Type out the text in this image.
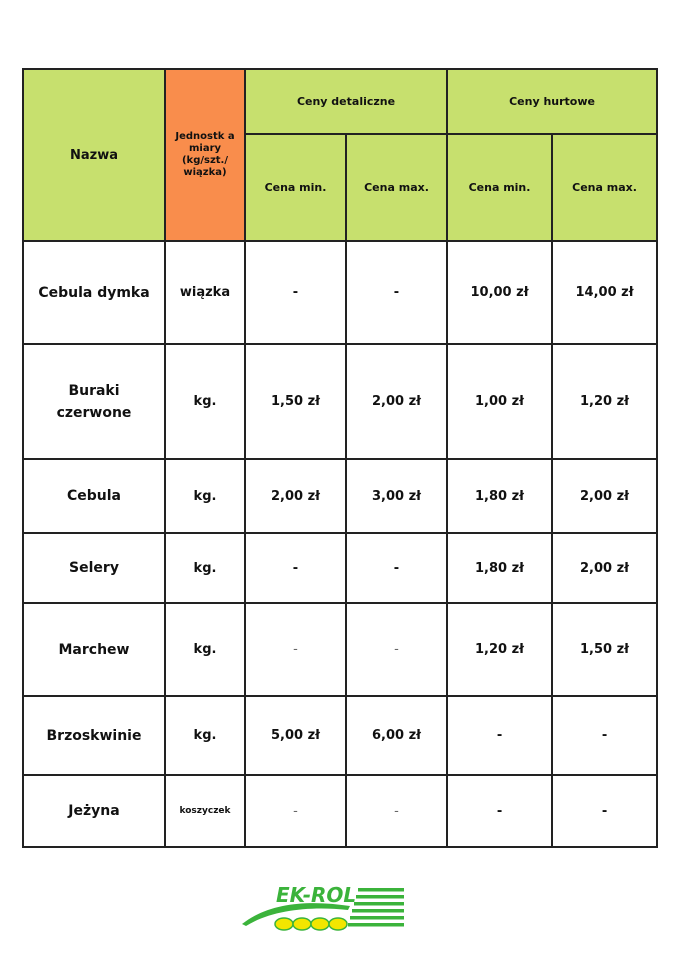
Nazwa	Jednostk a miary (kg/szt./ wiązka)	Ceny detaliczne		Ceny hurtowe	
		Cena min.	Cena max.	Cena min.	Cena max.
Cebula dymka	wiązka	-	-	10,00 zł	14,00 zł
Buraki czerwone	kg.	1,50 zł	2,00 zł	1,00 zł	1,20 zł
Cebula	kg.	2,00 zł	3,00 zł	1,80 zł	2,00 zł
Selery	kg.	-	-	1,80 zł	2,00 zł
Marchew	kg.	-	-	1,20 zł	1,50 zł
Brzoskwinie	kg.	5,00 zł	6,00 zł	-	-
Jeżyna	koszyczek	-	-	-	-
EK-ROL
